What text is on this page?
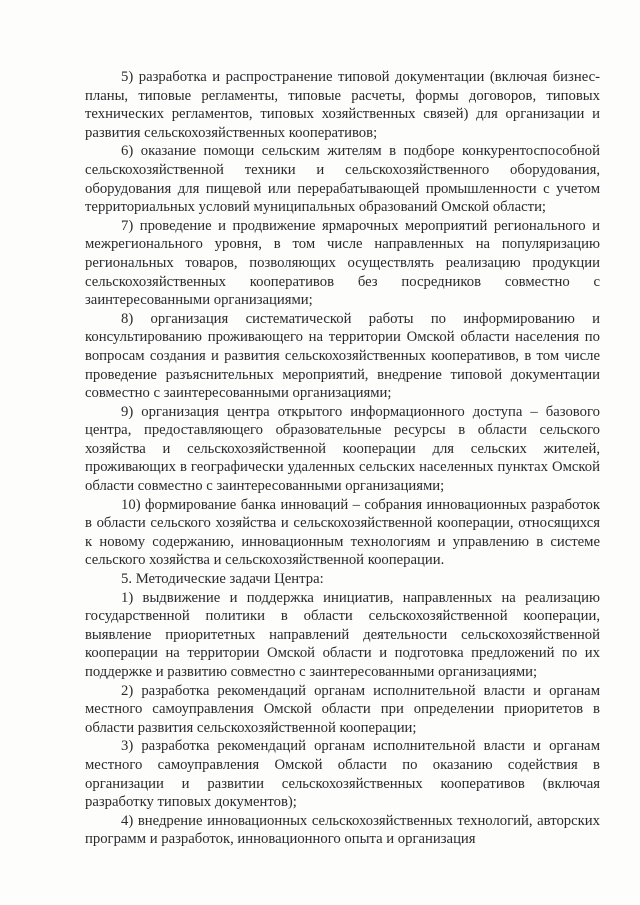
5) разработка и распространение типовой документации (включая бизнес-планы, типовые регламенты, типовые расчеты, формы договоров, типовых технических регламентов, типовых хозяйственных связей) для организации и развития сельскохозяйственных кооперативов;

6) оказание помощи сельским жителям в подборе конкурентоспособной сельскохозяйственной техники и сельскохозяйственного оборудования, оборудования для пищевой или перерабатывающей промышленности с учетом территориальных условий муниципальных образований Омской области;

7) проведение и продвижение ярмарочных мероприятий регионального и межрегионального уровня, в том числе направленных на популяризацию региональных товаров, позволяющих осуществлять реализацию продукции сельскохозяйственных кооперативов без посредников совместно с заинтересованными организациями;

8) организация систематической работы по информированию и консультированию проживающего на территории Омской области населения по вопросам создания и развития сельскохозяйственных кооперативов, в том числе проведение разъяснительных мероприятий, внедрение типовой документации совместно с заинтересованными организациями;

9) организация центра открытого информационного доступа – базового центра, предоставляющего образовательные ресурсы в области сельского хозяйства и сельскохозяйственной кооперации для сельских жителей, проживающих в географически удаленных сельских населенных пунктах Омской области совместно с заинтересованными организациями;

10) формирование банка инноваций – собрания инновационных разработок в области сельского хозяйства и сельскохозяйственной кооперации, относящихся к новому содержанию, инновационным технологиям и управлению в системе сельского хозяйства и сельскохозяйственной кооперации.

5. Методические задачи Центра:

1) выдвижение и поддержка инициатив, направленных на реализацию государственной политики в области сельскохозяйственной кооперации, выявление приоритетных направлений деятельности сельскохозяйственной кооперации на территории Омской области и подготовка предложений по их поддержке и развитию совместно с заинтересованными организациями;

2) разработка рекомендаций органам исполнительной власти и органам местного самоуправления Омской области при определении приоритетов в области развития сельскохозяйственной кооперации;

3) разработка рекомендаций органам исполнительной власти и органам местного самоуправления Омской области по оказанию содействия в организации и развитии сельскохозяйственных кооперативов (включая разработку типовых документов);

4) внедрение инновационных сельскохозяйственных технологий, авторских программ и разработок, инновационного опыта и организация
